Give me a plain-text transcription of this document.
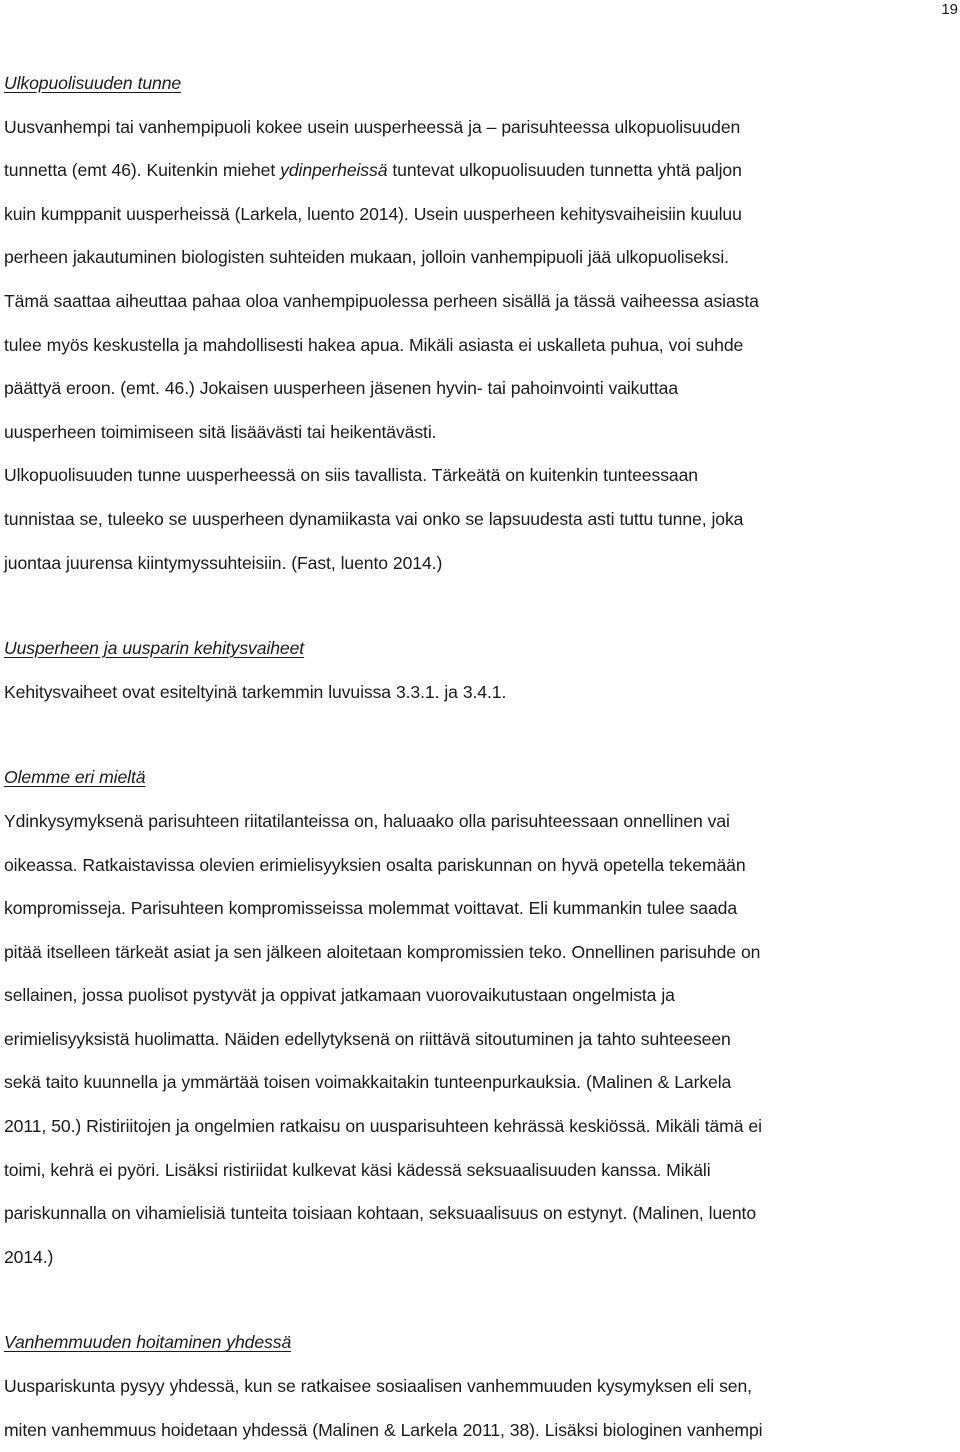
19
Ulkopuolisuuden tunne
Uusvanhempi tai vanhempipuoli kokee usein uusperheessä ja – parisuhteessa ulkopuolisuuden
tunnetta (emt 46). Kuitenkin miehet ydinperheissä tuntevat ulkopuolisuuden tunnetta yhtä paljon
kuin kumppanit uusperheissä (Larkela, luento 2014). Usein uusperheen kehitysvaiheisiin kuuluu
perheen jakautuminen biologisten suhteiden mukaan, jolloin vanhempipuoli jää ulkopuoliseksi.
Tämä saattaa aiheuttaa pahaa oloa vanhempipuolessa perheen sisällä ja tässä vaiheessa asiasta
tulee myös keskustella ja mahdollisesti hakea apua. Mikäli asiasta ei uskalleta puhua, voi suhde
päättyä eroon. (emt. 46.) Jokaisen uusperheen jäsenen hyvin- tai pahoinvointi vaikuttaa
uusperheen toimimiseen sitä lisäävästi tai heikentävästi.
Ulkopuolisuuden tunne uusperheessä on siis tavallista. Tärkeätä on kuitenkin tunteessaan
tunnistaa se, tuleeko se uusperheen dynamiikasta vai onko se lapsuudesta asti tuttu tunne, joka
juontaa juurensa kiintymyssuhteisiin. (Fast, luento 2014.)
Uusperheen ja uusparin kehitysvaiheet
Kehitysvaiheet ovat esiteltyinä tarkemmin luvuissa 3.3.1. ja 3.4.1.
Olemme eri mieltä
Ydinkysymyksenä parisuhteen riitatilanteissa on, haluaako olla parisuhteessaan onnellinen vai
oikeassa. Ratkaistavissa olevien erimielisyyksien osalta pariskunnan on hyvä opetella tekemään
kompromisseja. Parisuhteen kompromisseissa molemmat voittavat. Eli kummankin tulee saada
pitää itselleen tärkeät asiat ja sen jälkeen aloitetaan kompromissien teko. Onnellinen parisuhde on
sellainen, jossa puolisot pystyvät ja oppivat jatkamaan vuorovaikutustaan ongelmista ja
erimielisyyksistä huolimatta. Näiden edellytyksenä on riittävä sitoutuminen ja tahto suhteeseen
sekä taito kuunnella ja ymmärtää toisen voimakkaitakin tunteenpurkauksia. (Malinen & Larkela
2011, 50.) Ristiriitojen ja ongelmien ratkaisu on uusparisuhteen kehrässä keskiössä. Mikäli tämä ei
toimi, kehrä ei pyöri. Lisäksi ristiriidat kulkevat käsi kädessä seksuaalisuuden kanssa. Mikäli
pariskunnalla on vihamielisiä tunteita toisiaan kohtaan, seksuaalisuus on estynyt. (Malinen, luento
2014.)
Vanhemmuuden hoitaminen yhdessä
Uuspariskunta pysyy yhdessä, kun se ratkaisee sosiaalisen vanhemmuuden kysymyksen eli sen,
miten vanhemmuus hoidetaan yhdessä (Malinen & Larkela 2011, 38). Lisäksi biologinen vanhempi
